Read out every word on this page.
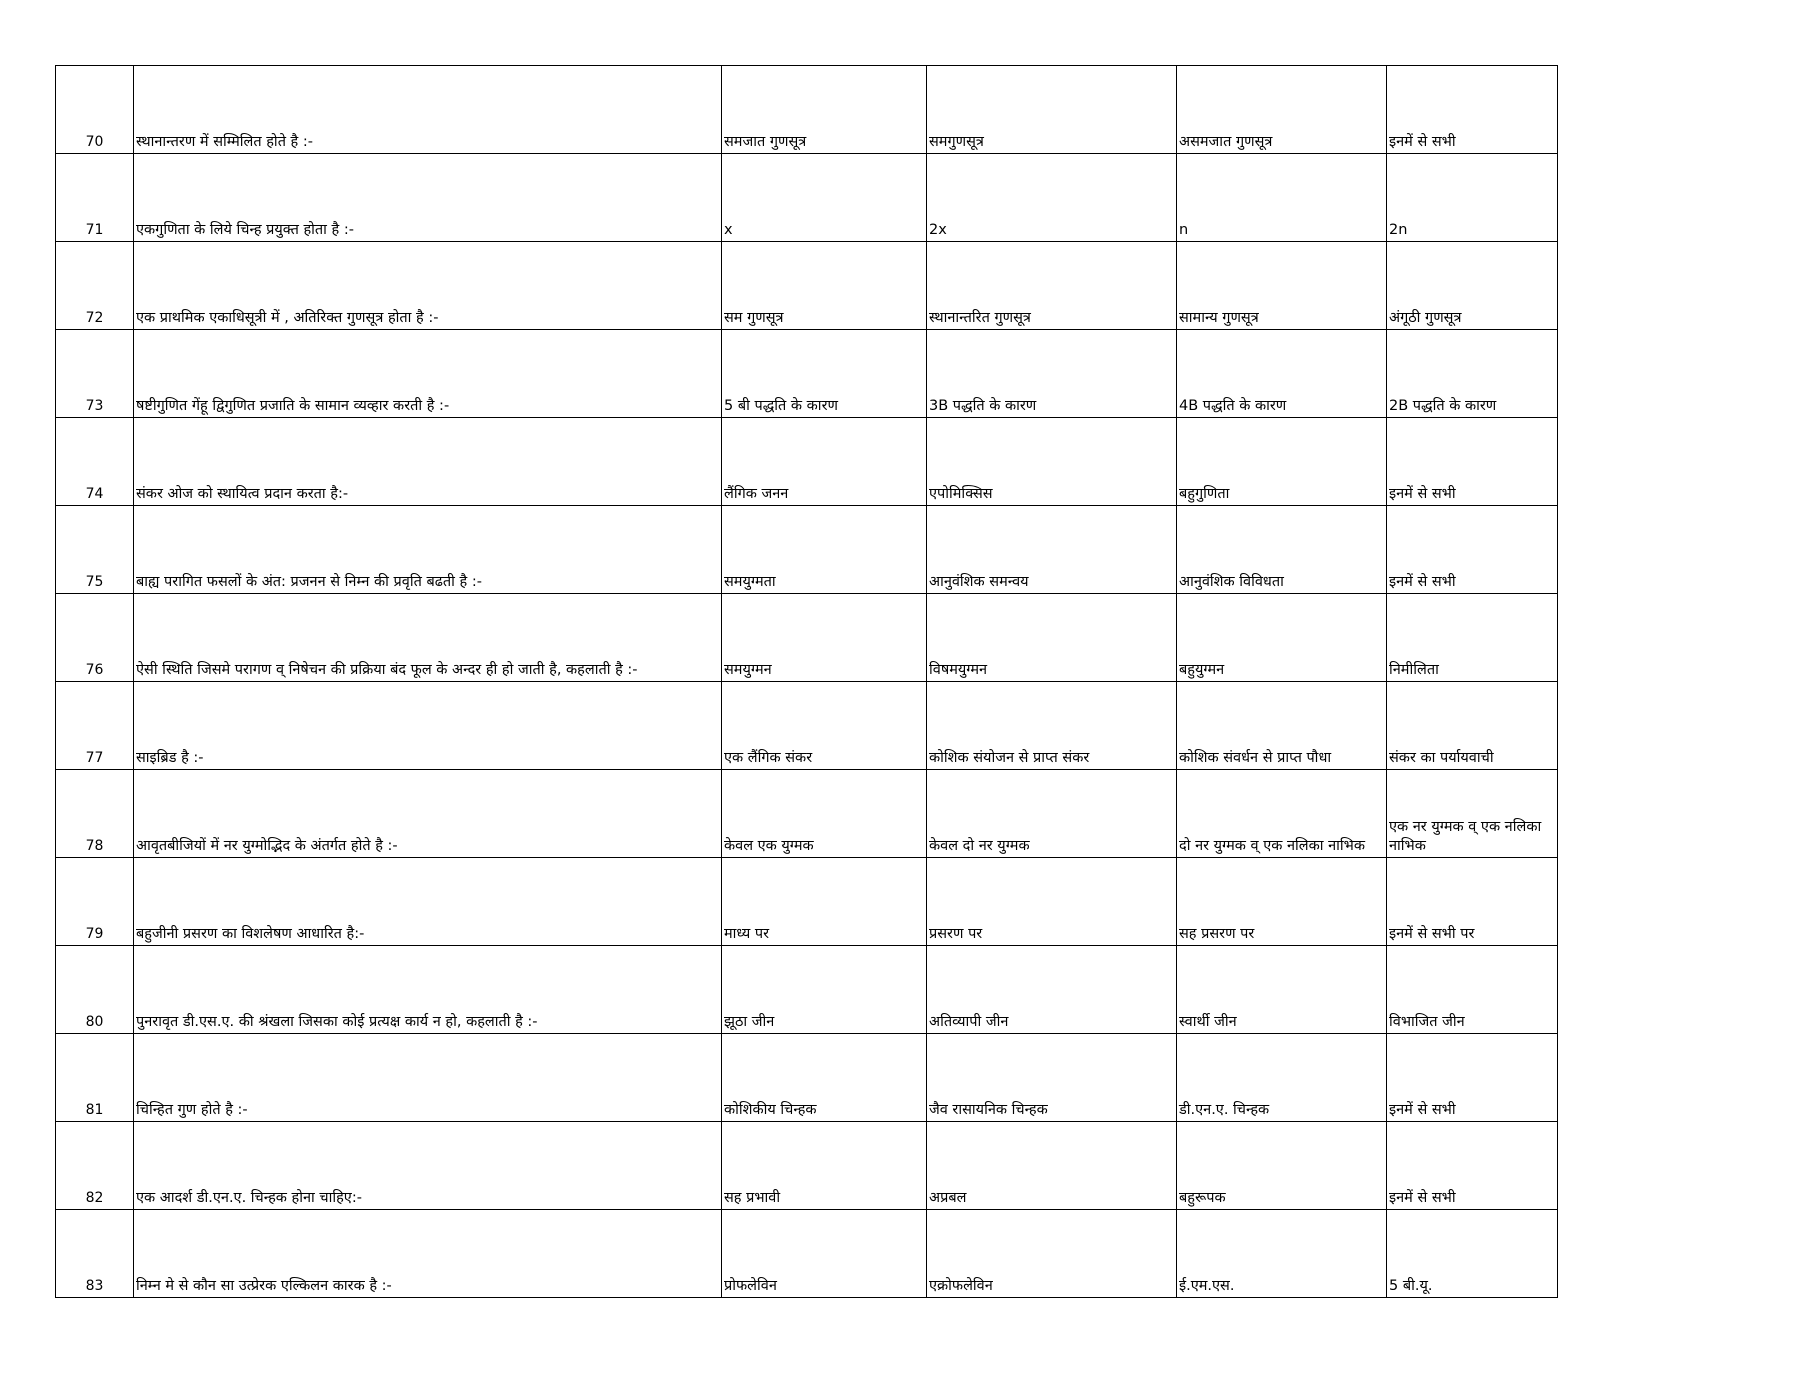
70	स्थानान्तरण में सम्मिलित होते है :-	समजात गुणसूत्र	समगुणसूत्र	असमजात गुणसूत्र	इनमें से सभी
71	एकगुणिता के लिये चिन्ह प्रयुक्त होता है :-	x	2x	n	2n
72	एक प्राथमिक एकाधिसूत्री में , अतिरिक्त गुणसूत्र होता है :-	सम गुणसूत्र	स्थानान्तरित गुणसूत्र	सामान्य गुणसूत्र	अंगूठी गुणसूत्र
73	षष्टीगुणित गेंहू द्विगुणित प्रजाति के सामान व्यव्हार करती है :-	5 बी पद्धति के कारण	3B पद्धति के कारण	4B पद्धति के कारण	2B पद्धति के कारण
74	संकर ओज को स्थायित्व प्रदान करता है:-	लैंगिक जनन	एपोमिक्सिस	बहुगुणिता	इनमें से सभी
75	बाह्य परागित फसलों के अंत: प्रजनन से निम्न की प्रवृति बढती है :-	समयुग्मता	आनुवंशिक समन्वय	आनुवंशिक विविधता	इनमें से सभी
76	ऐसी स्थिति जिसमे परागण व् निषेचन की प्रक्रिया बंद फूल के अन्दर ही हो जाती है, कहलाती है :-	समयुग्मन	विषमयुग्मन	बहुयुग्मन	निमीलिता
77	साइब्रिड है :-	एक लैंगिक संकर	कोशिक संयोजन से प्राप्त संकर	कोशिक संवर्धन से प्राप्त पौधा	संकर का पर्यायवाची
78	आवृतबीजियों में नर युग्मोद्भिद के अंतर्गत होते है :-	केवल एक युग्मक	केवल दो नर युग्मक	दो नर युग्मक व् एक नलिका नाभिक	एक नर युग्मक व् एक नलिका नाभिक
79	बहुजीनी प्रसरण का विशलेषण आधारित है:-	माध्य पर	प्रसरण पर	सह प्रसरण पर	इनमें से सभी पर
80	पुनरावृत डी.एस.ए. की श्रंखला जिसका कोई प्रत्यक्ष कार्य न हो, कहलाती है :-	झूठा जीन	अतिव्यापी जीन	स्वार्थी जीन	विभाजित जीन
81	चिन्हित गुण होते है :-	कोशिकीय चिन्हक	जैव रासायनिक चिन्हक	डी.एन.ए. चिन्हक	इनमें से सभी
82	एक आदर्श डी.एन.ए. चिन्हक होना चाहिए:-	सह प्रभावी	अप्रबल	बहुरूपक	इनमें से सभी
83	निम्न मे से कौन सा उत्प्रेरक एल्किलन कारक है :-	प्रोफलेविन	एक्रोफलेविन	ई.एम.एस.	5 बी.यू.
